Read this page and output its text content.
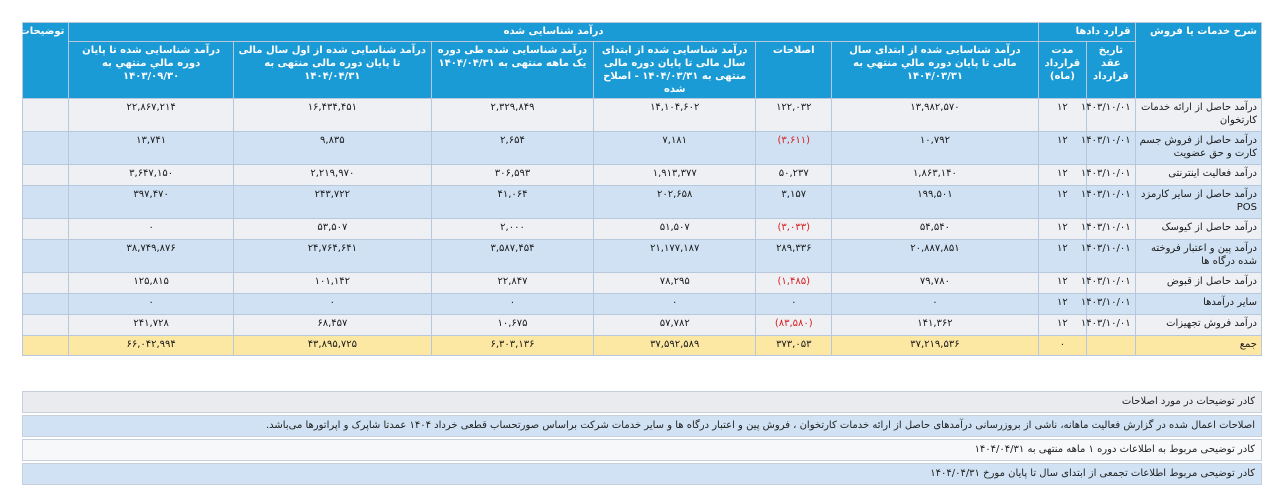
شرح خدمات یا فروش	قرارد دادها		درآمد شناسایی شده						توضیحات
	تاریخ عقد قرارداد	مدت قرارداد (ماه)	درآمد شناسایی شده از ابتدای سال مالی تا پایان دوره مالي منتهي به ۱۴۰۴/۰۳/۳۱	اصلاحات	درآمد شناسایی شده از ابتدای سال مالی تا پایان دوره مالی منتهی به ۱۴۰۴/۰۳/۳۱ - اصلاح شده	درآمد شناسایی شده طی دوره یک ماهه منتهی به ۱۴۰۴/۰۴/۳۱	درآمد شناسایی شده از اول سال مالی تا پایان دوره مالی منتهی به ۱۴۰۴/۰۴/۳۱	درآمد شناسایی شده تا پایان دوره مالي منتهي به ۱۴۰۳/۰۹/۳۰	
درآمد حاصل از ارائه خدمات کارتخوان	۱۴۰۳/۱۰/۰۱	۱۲	۱۳,۹۸۲,۵۷۰	۱۲۲,۰۳۲	۱۴,۱۰۴,۶۰۲	۲,۳۲۹,۸۴۹	۱۶,۴۳۴,۴۵۱	۲۲,۸۶۷,۲۱۴	
درآمد حاصل از فروش جسم کارت و حق عضویت	۱۴۰۳/۱۰/۰۱	۱۲	۱۰,۷۹۲	(۳,۶۱۱)	۷,۱۸۱	۲,۶۵۴	۹,۸۳۵	۱۳,۷۴۱	
درآمد فعالیت اینترنتی	۱۴۰۳/۱۰/۰۱	۱۲	۱,۸۶۳,۱۴۰	۵۰,۲۳۷	۱,۹۱۳,۳۷۷	۳۰۶,۵۹۳	۲,۲۱۹,۹۷۰	۳,۶۴۷,۱۵۰	
درآمد حاصل از سایر کارمزد POS	۱۴۰۳/۱۰/۰۱	۱۲	۱۹۹,۵۰۱	۳,۱۵۷	۲۰۲,۶۵۸	۴۱,۰۶۴	۲۴۳,۷۲۲	۳۹۷,۴۷۰	
درآمد حاصل از کیوسک	۱۴۰۳/۱۰/۰۱	۱۲	۵۴,۵۴۰	(۳,۰۳۳)	۵۱,۵۰۷	۲,۰۰۰	۵۳,۵۰۷	۰	
درآمد پین و اعتبار فروخته شده درگاه ها	۱۴۰۳/۱۰/۰۱	۱۲	۲۰,۸۸۷,۸۵۱	۲۸۹,۳۳۶	۲۱,۱۷۷,۱۸۷	۳,۵۸۷,۴۵۴	۲۴,۷۶۴,۶۴۱	۳۸,۷۴۹,۸۷۶	
درآمد حاصل از قبوض	۱۴۰۳/۱۰/۰۱	۱۲	۷۹,۷۸۰	(۱,۴۸۵)	۷۸,۲۹۵	۲۲,۸۴۷	۱۰۱,۱۴۲	۱۲۵,۸۱۵	
سایر درآمدها	۱۴۰۳/۱۰/۰۱	۱۲	۰	۰	۰	۰	۰	۰	
درآمد فروش تجهیزات	۱۴۰۳/۱۰/۰۱	۱۲	۱۴۱,۳۶۲	(۸۳,۵۸۰)	۵۷,۷۸۲	۱۰,۶۷۵	۶۸,۴۵۷	۲۴۱,۷۲۸	
جمع		۰	۳۷,۲۱۹,۵۳۶	۳۷۳,۰۵۳	۳۷,۵۹۲,۵۸۹	۶,۳۰۳,۱۳۶	۴۳,۸۹۵,۷۲۵	۶۶,۰۴۲,۹۹۴	
کادر توضیحات در مورد اصلاحات
اصلاحات اعمال شده در گزارش فعالیت ماهانه، ناشی از بروزرسانی درآمدهای حاصل از ارائه خدمات کارتخوان ، فروش پین و اعتبار درگاه ها و سایر خدمات شرکت براساس صورتحساب قطعی خرداد ۱۴۰۴ عمدتا شاپرک و اپراتورها می‌باشد.
کادر توضیحی مربوط به اطلاعات دوره ۱ ماهه منتهی به ۱۴۰۴/۰۴/۳۱
کادر توضیحی مربوط اطلاعات تجمعی از ابتدای سال تا پایان مورخ ۱۴۰۴/۰۴/۳۱
